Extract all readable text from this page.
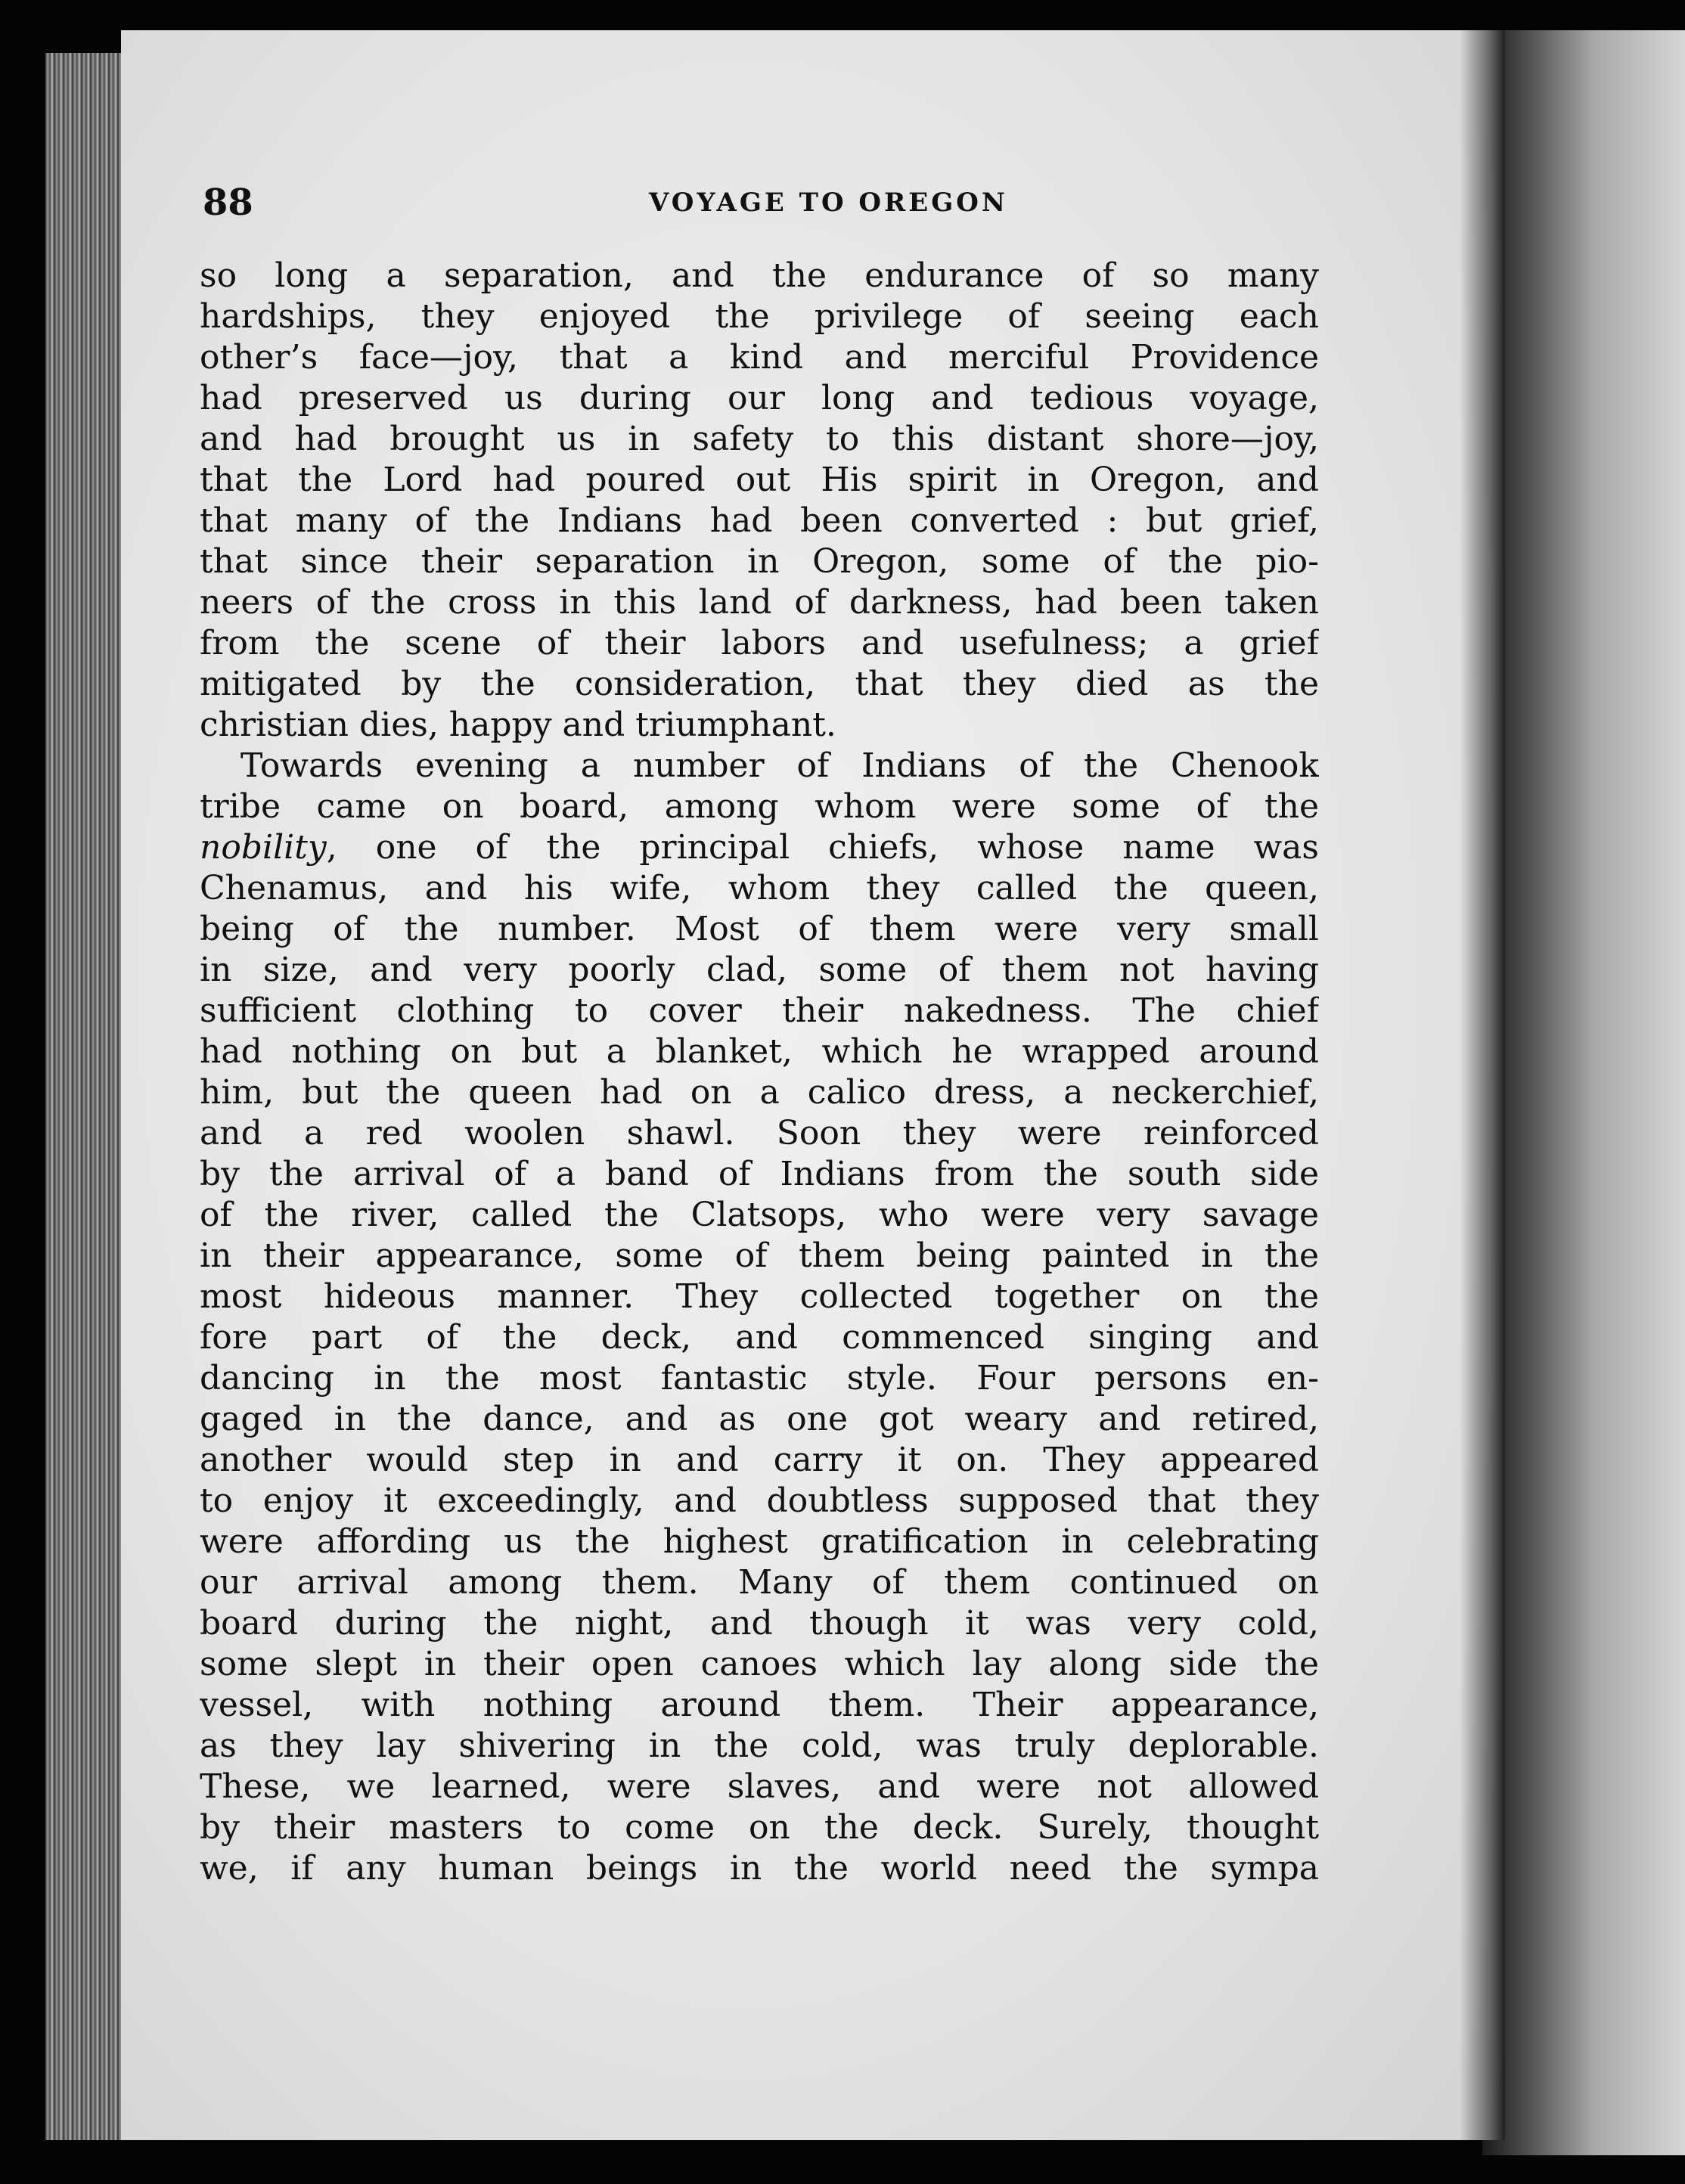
88	VOYAGE TO OREGON
so long a separation, and the endurance of so many
hardships, they enjoyed the privilege of seeing each
other’s face—joy, that a kind and merciful Providence
had preserved us during our long and tedious voyage,
and had brought us in safety to this distant shore—joy,
that the Lord had poured out His spirit in Oregon, and
that many of the Indians had been converted : but grief,
that since their separation in Oregon, some of the pio-
neers of the cross in this land of darkness, had been taken
from the scene of their labors and usefulness; a grief
mitigated by the consideration, that they died as the
christian dies, happy and triumphant.
Towards evening a number of Indians of the Chenook
tribe came on board, among whom were some of the
nobility, one of the principal chiefs, whose name was
Chenamus, and his wife, whom they called the queen,
being of the number. Most of them were very small
in size, and very poorly clad, some of them not having
sufficient clothing to cover their nakedness. The chief
had nothing on but a blanket, which he wrapped around
him, but the queen had on a calico dress, a neckerchief,
and a red woolen shawl. Soon they were reinforced
by the arrival of a band of Indians from the south side
of the river, called the Clatsops, who were very savage
in their appearance, some of them being painted in the
most hideous manner. They collected together on the
fore part of the deck, and commenced singing and
dancing in the most fantastic style. Four persons en-
gaged in the dance, and as one got weary and retired,
another would step in and carry it on. They appeared
to enjoy it exceedingly, and doubtless supposed that they
were affording us the highest gratification in celebrating
our arrival among them. Many of them continued on
board during the night, and though it was very cold,
some slept in their open canoes which lay along side the
vessel, with nothing around them. Their appearance,
as they lay shivering in the cold, was truly deplorable.
These, we learned, were slaves, and were not allowed
by their masters to come on the deck. Surely, thought
we, if any human beings in the world need the sympa
